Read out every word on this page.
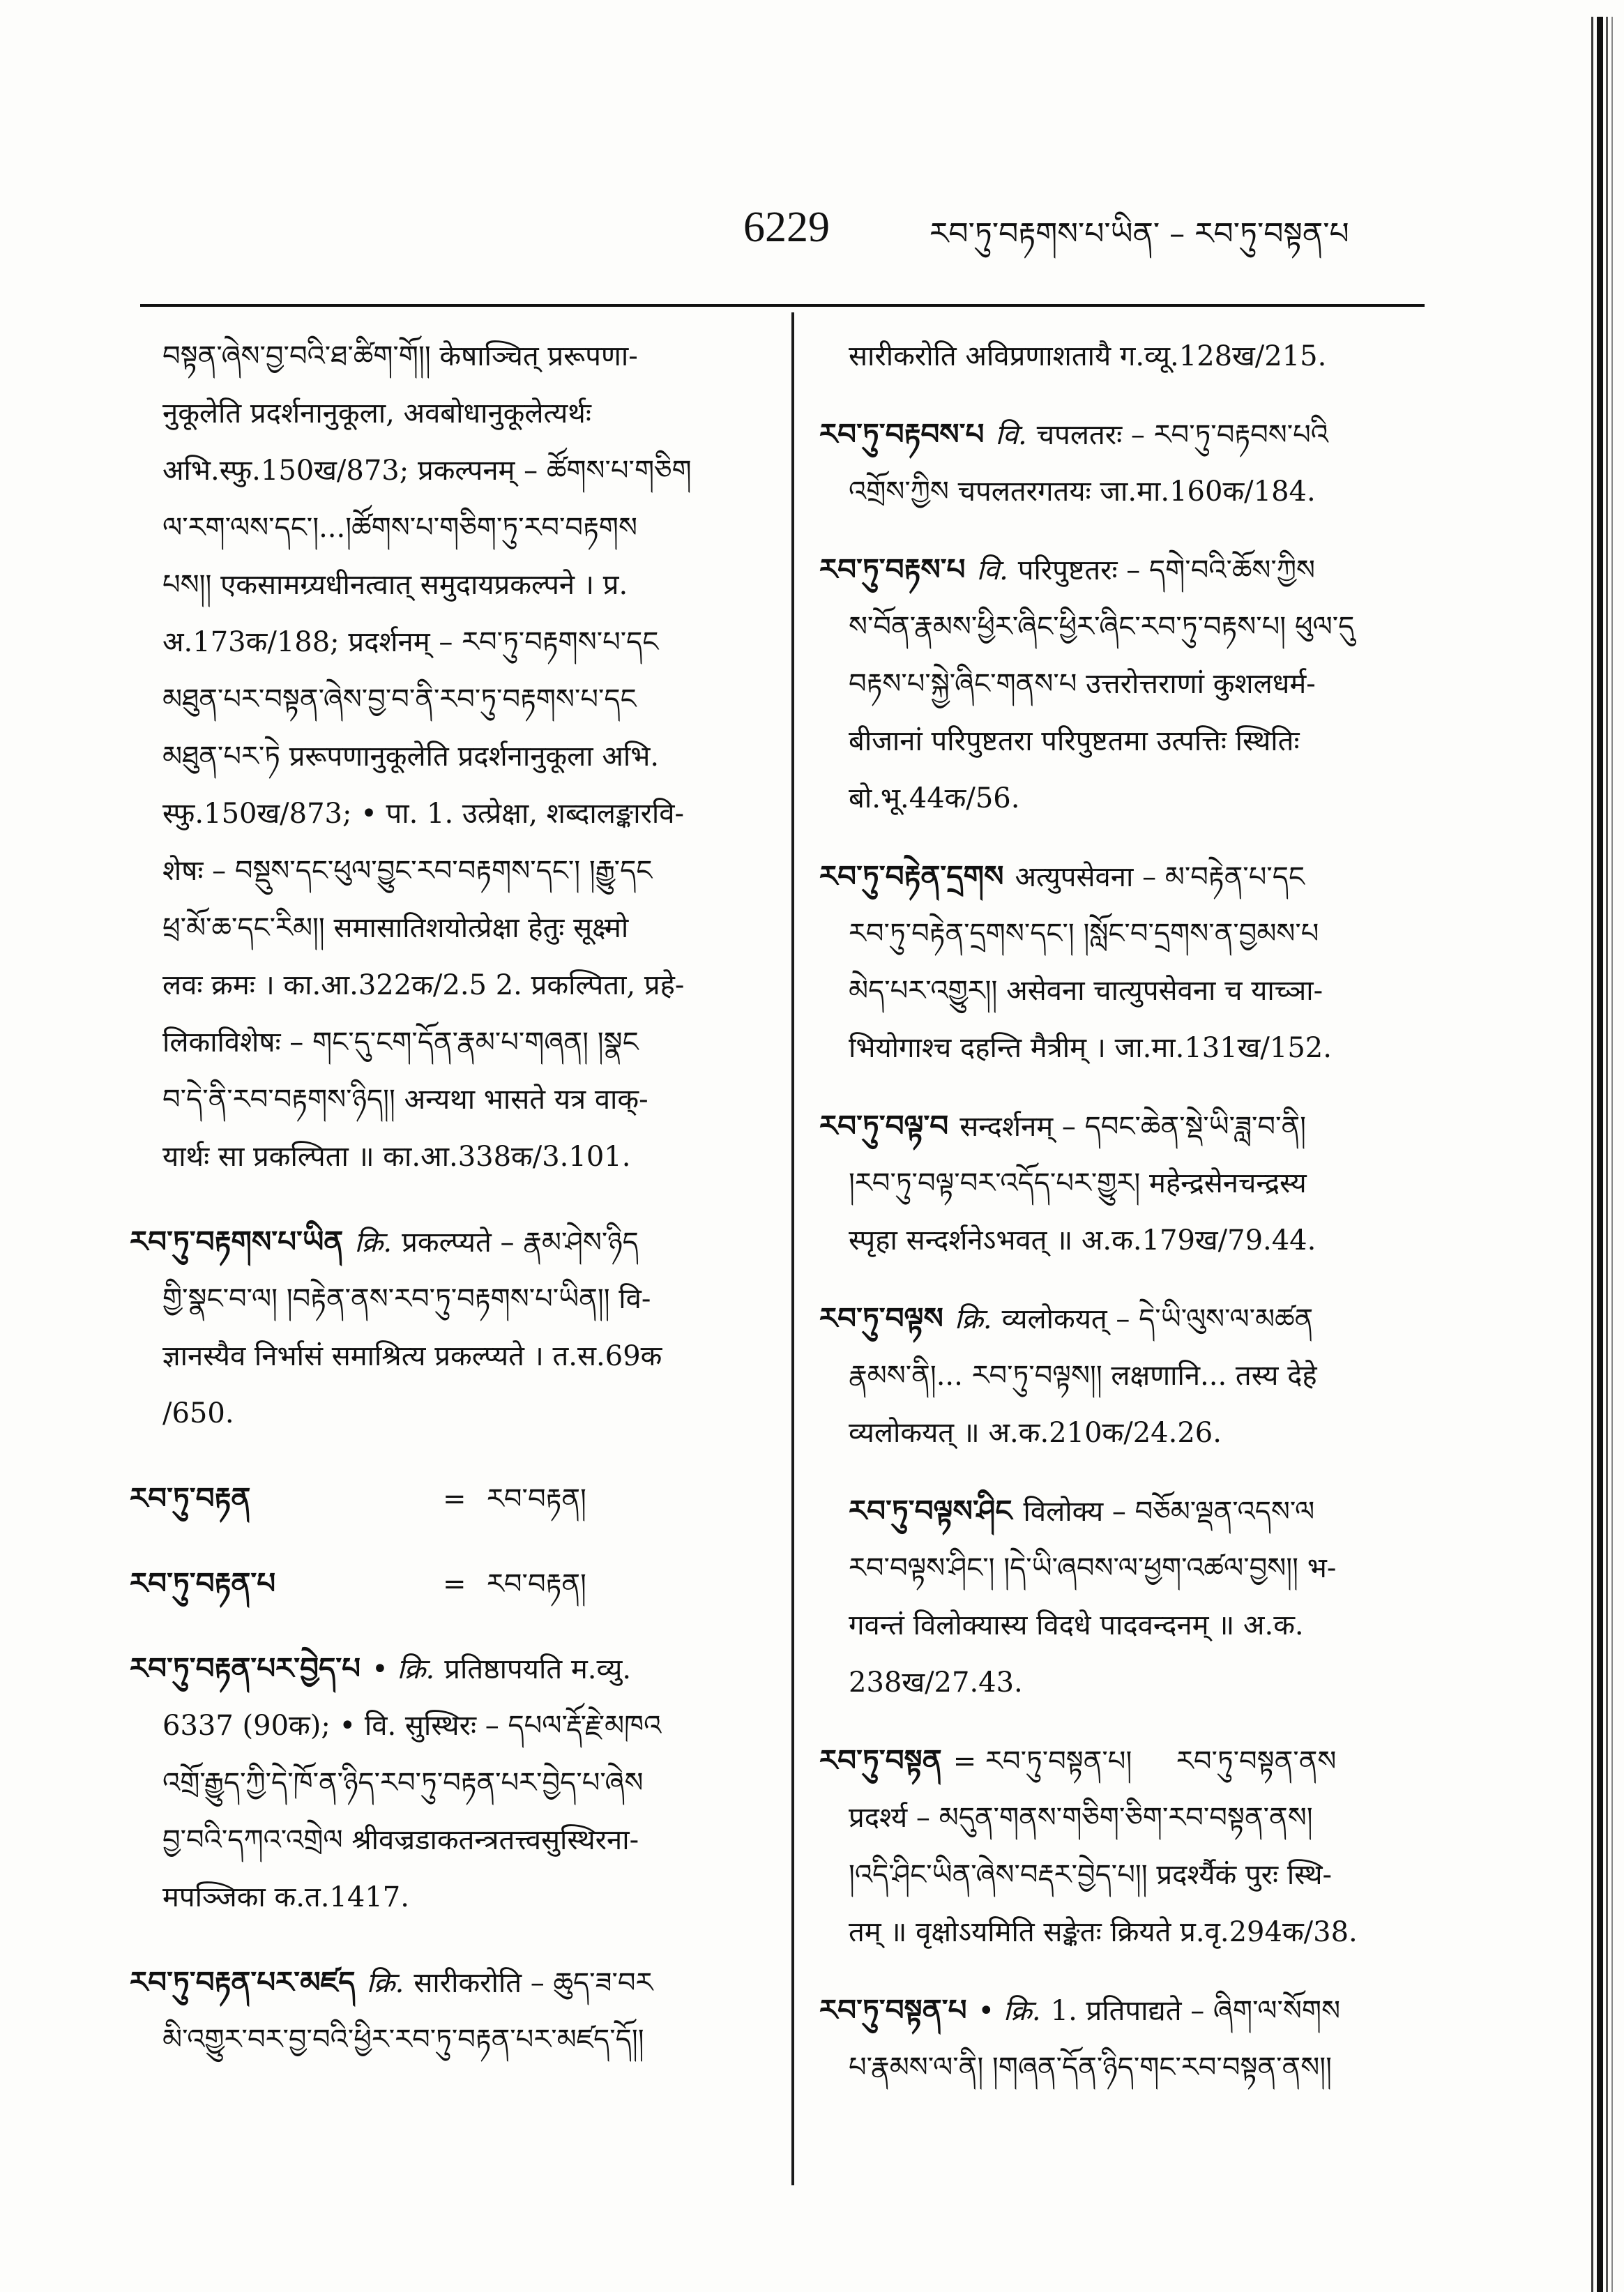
6229	རབ་ཏུ་བརྟགས་པ་ཡིན་ – རབ་ཏུ་བསྟན་པ
བསྟན་ཞེས་བྱ་བའི་ཐ་ཚིག་གོ།། केषाञ्चित् प्ररूपणा-
नुकूलेति प्रदर्शनानुकूला, अवबोधानुकूलेत्यर्थः
अभि.स्फु.150ख/873; प्रकल्पनम् – ཚོགས་པ་གཅིག
ལ་རག་ལས་དང་།...།ཚོགས་པ་གཅིག་ཏུ་རབ་བརྟགས
པས།། एकसामग्र्यधीनत्वात् समुदायप्रकल्पने । प्र.
अ.173क/188; प्रदर्शनम् – རབ་ཏུ་བརྟགས་པ་དང
མཐུན་པར་བསྟན་ཞེས་བྱ་བ་ནི་རབ་ཏུ་བརྟགས་པ་དང
མཐུན་པར་ཏེ प्ररूपणानुकूलेति प्रदर्शनानुकूला अभि.
स्फु.150ख/873; • पा. 1. उत्प्रेक्षा, शब्दालङ्कारवि-
शेषः – བསྡུས་དང་ཕུལ་བྱུང་རབ་བརྟགས་དང་། །རྒྱུ་དང
ཕྲ་མོ་ཆ་དང་རིམ།། समासातिशयोत्प्रेक्षा हेतुः सूक्ष्मो
लवः क्रमः । का.आ.322क/2.5 2. प्रकल्पिता, प्रहे-
लिकाविशेषः – གང་དུ་ངག་དོན་རྣམ་པ་གཞན། །སྣང
བ་དེ་ནི་རབ་བརྟགས་ཉིད།། अन्यथा भासते यत्र वाक्-
यार्थः सा प्रकल्पिता ॥ का.आ.338क/3.101.
རབ་ཏུ་བརྟགས་པ་ཡིན क्रि. प्रकल्प्यते – རྣམ་ཤེས་ཉིད
གྱི་སྣང་བ་ལ། །བརྟེན་ནས་རབ་ཏུ་བརྟགས་པ་ཡིན།། वि-
ज्ञानस्यैव निर्भासं समाश्रित्य प्रकल्प्यते । त.स.69क
/650.
རབ་ཏུ་བརྟན	= རབ་བརྟན།
རབ་ཏུ་བརྟན་པ	= རབ་བརྟན།
རབ་ཏུ་བརྟན་པར་བྱེད་པ • क्रि. प्रतिष्ठापयति म.व्यु.
6337 (90क); • वि. सुस्थिरः – དཔལ་རྡོ་རྗེ་མཁའ
འགྲོ་རྒྱུད་ཀྱི་དེ་ཁོ་ན་ཉིད་རབ་ཏུ་བརྟན་པར་བྱེད་པ་ཞེས
བྱ་བའི་དཀའ་འགྲེལ श्रीवज्रडाकतन्त्रतत्त्वसुस्थिरना-
मपञ्जिका क.त.1417.
རབ་ཏུ་བརྟན་པར་མཛད क्रि. सारीकरोति – ཆུད་ཟ་བར
མི་འགྱུར་བར་བྱ་བའི་ཕྱིར་རབ་ཏུ་བརྟན་པར་མཛད་དོ།།
सारीकरोति अविप्रणाशतायै ग.व्यू.128ख/215.
རབ་ཏུ་བརྟབས་པ वि. चपलतरः – རབ་ཏུ་བརྟབས་པའི
འགྲོས་ཀྱིས चपलतरगतयः जा.मा.160क/184.
རབ་ཏུ་བརྟས་པ वि. परिपुष्टतरः – དགེ་བའི་ཆོས་ཀྱིས
ས་བོན་རྣམས་ཕྱིར་ཞིང་ཕྱིར་ཞིང་རབ་ཏུ་བརྟས་པ། ཕུལ་དུ
བརྟས་པ་སྐྱེ་ཞིང་གནས་པ उत्तरोत्तराणां कुशलधर्म-
बीजानां परिपुष्टतरा परिपुष्टतमा उत्पत्तिः स्थितिः
बो.भू.44क/56.
རབ་ཏུ་བརྟེན་དྲགས अत्युपसेवना – མ་བརྟེན་པ་དང
རབ་ཏུ་བརྟེན་དྲགས་དང་། །སློང་བ་དྲགས་ན་བྱམས་པ
མེད་པར་འགྱུར།། असेवना चात्युपसेवना च याच्ञा-
भियोगाश्च दहन्ति मैत्रीम् । जा.मा.131ख/152.
རབ་ཏུ་བལྟ་བ सन्दर्शनम् – དབང་ཆེན་སྡེ་ཡི་ཟླ་བ་ནི།
།རབ་ཏུ་བལྟ་བར་འདོད་པར་གྱུར། महेन्द्रसेनचन्द्रस्य
स्पृहा सन्दर्शनेऽभवत् ॥ अ.क.179ख/79.44.
རབ་ཏུ་བལྟས क्रि. व्यलोकयत् – དེ་ཡི་ལུས་ལ་མཚན
རྣམས་ནི།... རབ་ཏུ་བལྟས།། लक्षणानि... तस्य देहे
व्यलोकयत् ॥ अ.क.210क/24.26.
རབ་ཏུ་བལྟས་ཤིང विलोक्य – བཅོམ་ལྡན་འདས་ལ
རབ་བལྟས་ཤིང་། །དེ་ཡི་ཞབས་ལ་ཕྱག་འཚལ་བྱས།། भ-
गवन्तं विलोक्यास्य विदधे पादवन्दनम् ॥ अ.क.
238ख/27.43.
རབ་ཏུ་བསྟན = རབ་ཏུ་བསྟན་པ།     རབ་ཏུ་བསྟན་ནས
प्रदर्श्य – མདུན་གནས་གཅིག་ཅིག་རབ་བསྟན་ནས།
།འདི་ཤིང་ཡིན་ཞེས་བརྡར་བྱེད་པ།། प्रदर्श्यैकं पुरः स्थि-
तम् ॥ वृक्षोऽयमिति सङ्केतः क्रियते प्र.वृ.294क/38.
རབ་ཏུ་བསྟན་པ • क्रि. 1. प्रतिपाद्यते – ཞིག་ལ་སོགས
པ་རྣམས་ལ་ནི། །གཞན་དོན་ཉིད་གང་རབ་བསྟན་ནས།།
